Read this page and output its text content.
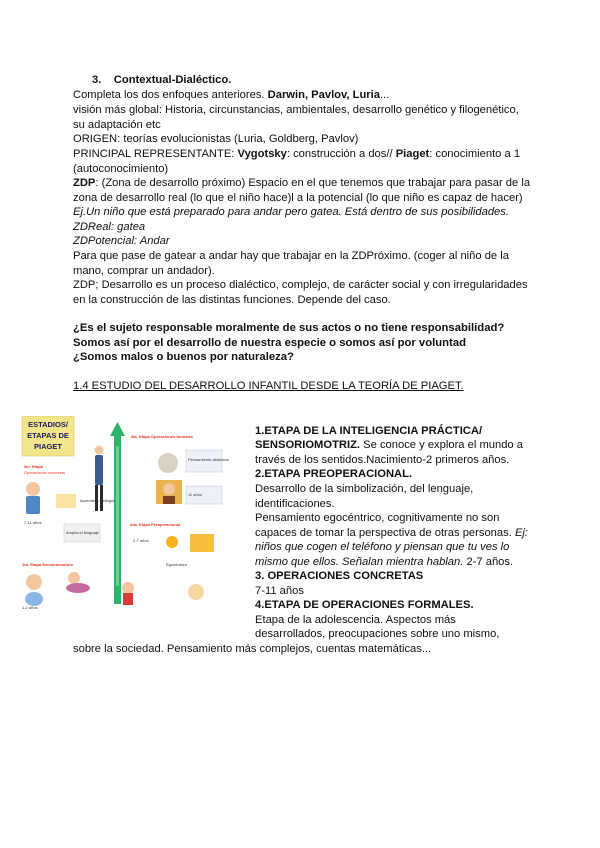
3. Contextual-Dialéctico.
Completa los dos enfoques anteriores. Darwin, Pavlov, Luria...
visión más global: Historia, circunstancias, ambientales, desarrollo genético y filogenético,
su adaptación etc
ORIGEN: teorías evolucionistas (Luria, Goldberg, Pavlov)
PRINCIPAL REPRESENTANTE: Vygotsky: construcción a dos// Piaget: conocimiento a 1
(autoconocimiento)
ZDP: (Zona de desarrollo próximo) Espacio en el que tenemos que trabajar para pasar de la
zona de desarrollo real (lo que el niño hace)l a la potencial (lo que niño es capaz de hacer)
Ej.Un niño que está preparado para andar pero gatea. Está dentro de sus posibilidades.
ZDReal: gatea
ZDPotencial: Andar
Para que pase de gatear a andar hay que trabajar en la ZDPróximo. (coger al niño de la
mano, comprar un andador).
ZDP; Desarrollo es un proceso dialéctico, complejo, de carácter social y con irregularidades
en la construcción de las distintas funciones. Depende del caso.
¿Es el sujeto responsable moralmente de sus actos o no tiene responsabilidad?
Somos así por el desarrollo de nuestra especie o somos así por voluntad
¿Somos malos o buenos por naturaleza?
1.4 ESTUDIO DEL DESARROLLO INFANTIL DESDE LA TEORÍA DE PIAGET.
ESTADIOS/
ETAPAS DE
PIAGET
4ta. Etapa Operaciones formales
Pensamiento abstracto
3er. Etapa
Operaciones concretas
Aprende a distinguir
7-11 años
11 años
2da. Etapa Preoperacional
2-7 años
Egocéntrico
Amplía el lenguaje
1ra. Etapa Sensoriomotora
1-2 años
1.ETAPA DE LA INTELIGENCIA PRÁCTICA/
SENSORIOMOTRIZ. Se conoce y explora el mundo a
través de los sentidos.Nacimiento-2 primeros años.
2.ETAPA PREOPERACIONAL.
Desarrollo de la simbolización, del lenguaje,
identificaciones.
Pensamiento egocéntrico, cognitivamente no son
capaces de tomar la perspectiva de otras personas. Ej:
niños que cogen el teléfono y piensan que tu ves lo
mismo que ellos. Señalan mientra hablan. 2-7 años.
3. OPERACIONES CONCRETAS
7-11 años
4.ETAPA DE OPERACIONES FORMALES.
Etapa de la adolescencia. Aspectos más
desarrollados, preocupaciones sobre uno mismo,
sobre la sociedad. Pensamiento más complejos, cuentas matemáticas...
